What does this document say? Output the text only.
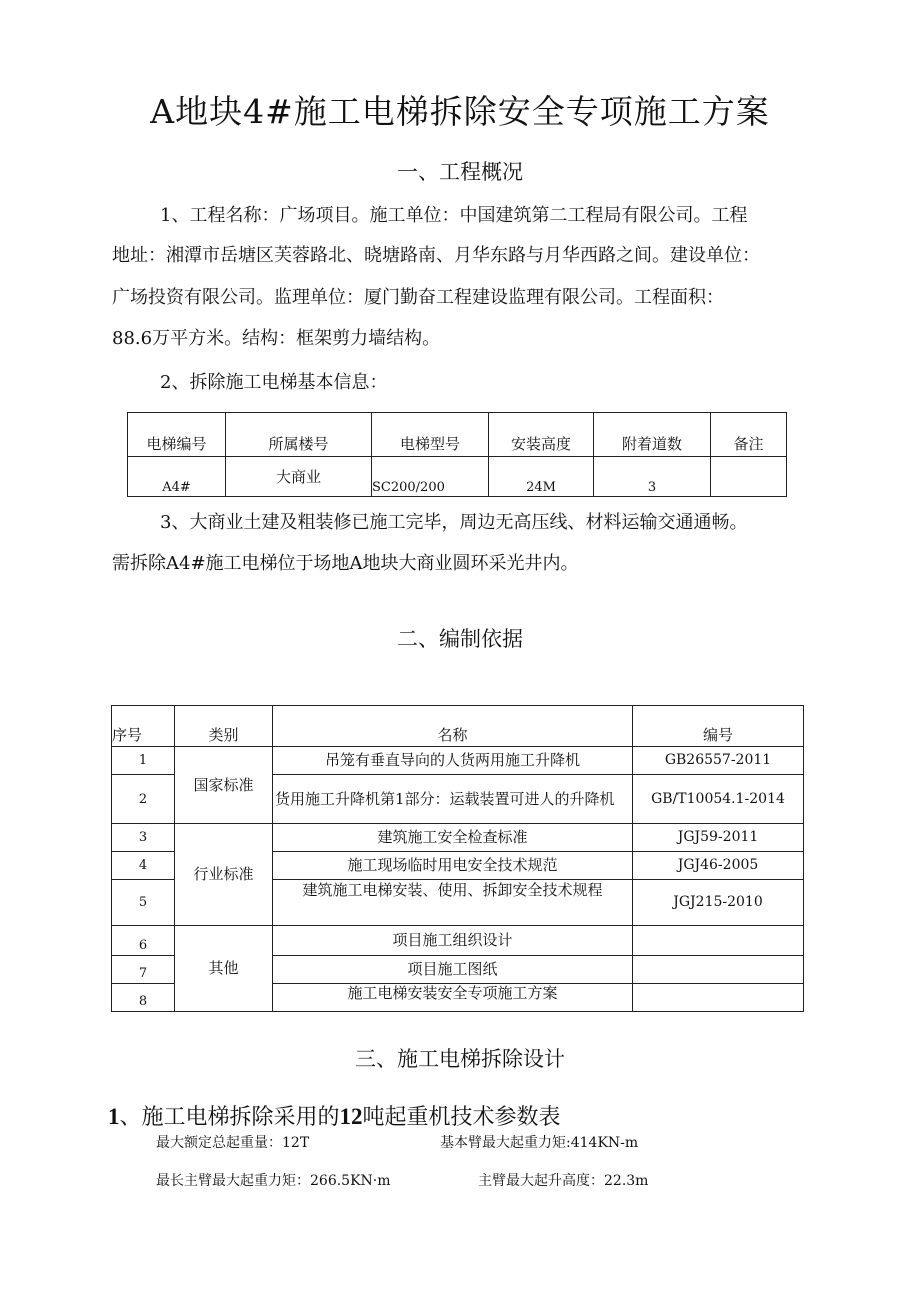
A地块4#施工电梯拆除安全专项施工方案
一、工程概况
1、工程名称：广场项目。施工单位：中国建筑第二工程局有限公司。工程
地址：湘潭市岳塘区芙蓉路北、晓塘路南、月华东路与月华西路之间。建设单位：
广场投资有限公司。监理单位：厦门勤奋工程建设监理有限公司。工程面积：
88.6万平方米。结构：框架剪力墙结构。
2、拆除施工电梯基本信息：
电梯编号	所属楼号	电梯型号	安装高度	附着道数	备注
A4#	大商业	SC200/200	24M	3	
3、大商业土建及粗装修已施工完毕，周边无高压线、材料运输交通通畅。
需拆除A4#施工电梯位于场地A地块大商业圆环采光井内。
二、编制依据
序号	类别	名称	编号
1	国家标准	吊笼有垂直导向的人货两用施工升降机	GB26557-2011
2		货用施工升降机第1部分：运载装置可进人的升降机	GB/T10054.1-2014
3	行业标准	建筑施工安全检查标准	JGJ59-2011
4		施工现场临时用电安全技术规范	JGJ46-2005
5		建筑施工电梯安装、使用、拆卸安全技术规程	JGJ215-2010
6	其他	项目施工组织设计	
7		项目施工图纸	
8		施工电梯安装安全专项施工方案	
三、施工电梯拆除设计
1、施工电梯拆除采用的12吨起重机技术参数表
最大额定总起重量：12T	基本臂最大起重力矩:414KN-m
最长主臂最大起重力矩：266.5KN·m	主臂最大起升高度：22.3m
